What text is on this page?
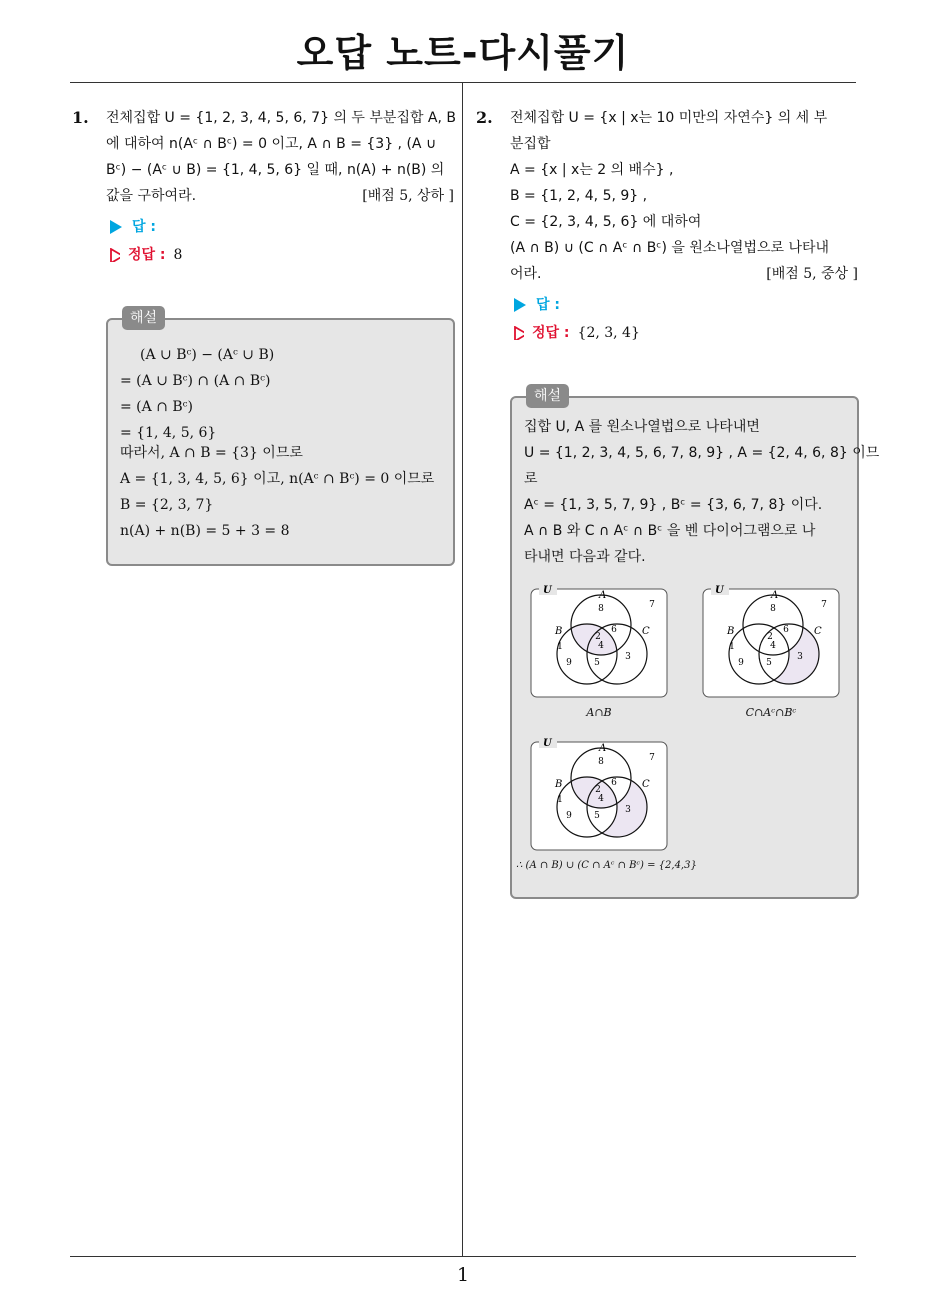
오답 노트-다시풀기
1
1. 전체집합 U = {1, 2, 3, 4, 5, 6, 7} 의 두 부분집합 A, B

에 대하여 n(Aᶜ ∩ Bᶜ) = 0 이고, A ∩ B = {3} , (A ∪

Bᶜ) − (Aᶜ ∪ B) = {1, 4, 5, 6} 일 때, n(A) + n(B) 의

값을 구하여라.	[배점 5, 상하 ]
답 :
정답 : 8
해설
(A ∪ Bᶜ) − (Aᶜ ∪ B)
= (A ∪ Bᶜ) ∩ (A ∩ Bᶜ)
= (A ∩ Bᶜ)
= {1, 4, 5, 6}
따라서, A ∩ B = {3} 이므로
A = {1, 3, 4, 5, 6} 이고, n(Aᶜ ∩ Bᶜ) = 0 이므로
B = {2, 3, 7}
n(A) + n(B) = 5 + 3 = 8
2. 전체집합 U = {x | x는 10 미만의 자연수} 의 세 부

분집합

A = {x | x는 2 의 배수} ,

B = {1, 2, 4, 5, 9} ,

C = {2, 3, 4, 5, 6} 에 대하여

(A ∩ B) ∪ (C ∩ Aᶜ ∩ Bᶜ) 을 원소나열법으로 나타내

어라.	[배점 5, 중상 ]
답 :
정답 : {2, 3, 4}
해설
집합 U, A 를 원소나열법으로 나타내면
U = {1, 2, 3, 4, 5, 6, 7, 8, 9} , A = {2, 4, 6, 8} 이므
로
Aᶜ = {1, 3, 5, 7, 9} , Bᶜ = {3, 6, 7, 8} 이다.
A ∩ B 와 C ∩ Aᶜ ∩ Bᶜ 을 벤 다이어그램으로 나
타내면 다음과 같다.
U	A
B	C
8	7
1
9
2
6
4
5
3
A∩B
U	A
B	C
8	7
1
9
2
6
4
5
3
C∩Aᶜ∩Bᶜ
U	A
B	C
8	7
1
9
2
6
4
5
3
∴ (A ∩ B) ∪ (C ∩ Aᶜ ∩ Bᶜ) = {2,4,3}
